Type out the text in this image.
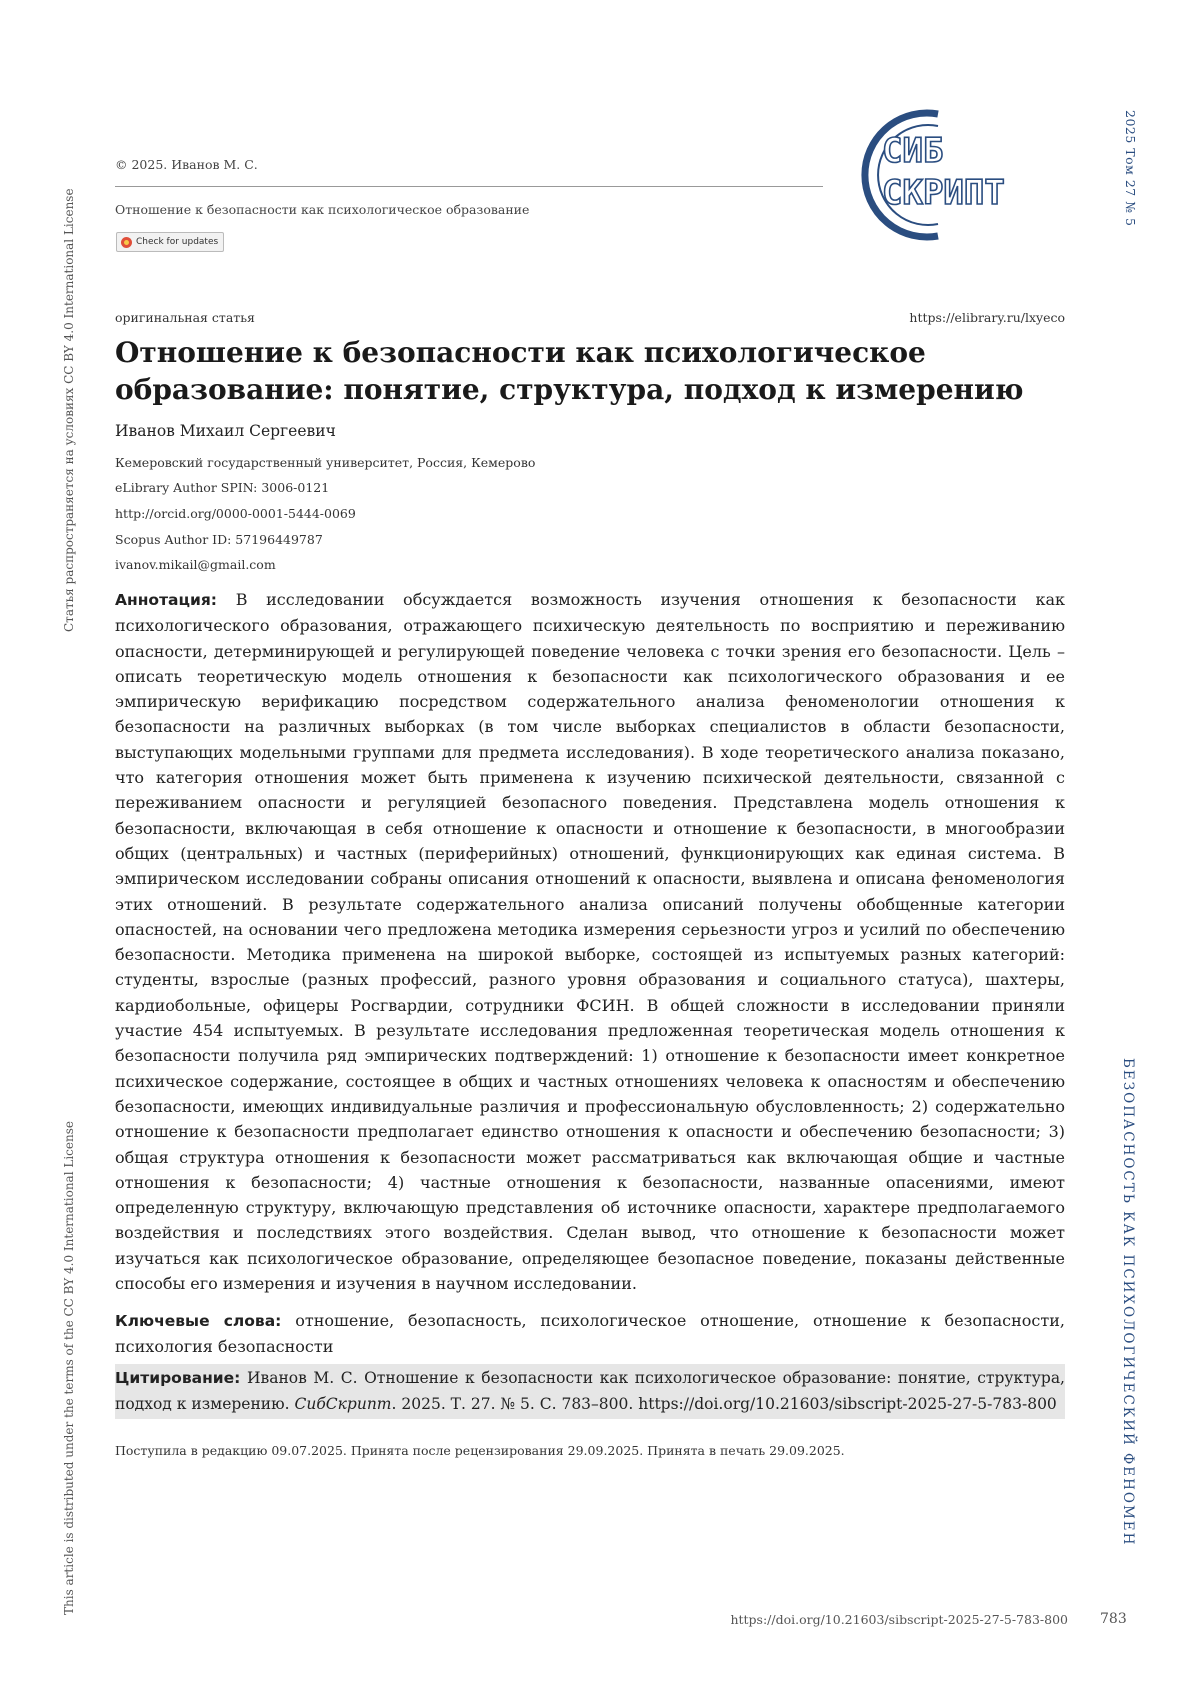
Статья распространяется на условиях CC BY 4.0 International License
This article is distributed under the terms of the CC BY 4.0 International License
2025 Том 27 № 5
БЕЗОПАСНОСТЬ КАК ПСИХОЛОГИЧЕСКИЙ ФЕНОМЕН
© 2025. Иванов М. С.
Отношение к безопасности как психологическое образование
Check for updates
СИБ
СКРИПТ
оригинальная статья	https://elibrary.ru/lxyeco
Отношение к безопасности как психологическое образование: понятие, структура, подход к измерению
Иванов Михаил Сергеевич
Кемеровский государственный университет, Россия, Кемерово
eLibrary Author SPIN: 3006-0121
http://orcid.org/0000-0001-5444-0069
Scopus Author ID: 57196449787
ivanov.mikail@gmail.com
Аннотация: В исследовании обсуждается возможность изучения отношения к безопасности как психологического образования, отражающего психическую деятельность по восприятию и переживанию опасности, детерминирующей и регулирующей поведение человека с точки зрения его безопасности. Цель – описать теоретическую модель отношения к безопасности как психологического образования и ее эмпирическую верификацию посредством содержательного анализа феноменологии отношения к безопасности на различных выборках (в том числе выборках специалистов в области безопасности, выступающих модельными группами для предмета исследования). В ходе теоретического анализа показано, что категория отношения может быть применена к изучению психической деятельности, связанной с переживанием опасности и регуляцией безопасного поведения. Представлена модель отношения к безопасности, включающая в себя отношение к опасности и отношение к безопасности, в многообразии общих (центральных) и частных (периферийных) отношений, функционирующих как единая система. В эмпирическом исследовании собраны описания отношений к опасности, выявлена и описана феноменология этих отношений. В результате содержательного анализа описаний получены обобщенные категории опасностей, на основании чего предложена методика измерения серьезности угроз и усилий по обеспечению безопасности. Методика применена на широкой выборке, состоящей из испытуемых разных категорий: студенты, взрослые (разных профессий, разного уровня образования и социального статуса), шахтеры, кардиобольные, офицеры Росгвардии, сотрудники ФСИН. В общей сложности в исследовании приняли участие 454 испытуемых. В результате исследования предложенная теоретическая модель отношения к безопасности получила ряд эмпирических подтверждений: 1) отношение к безопасности имеет конкретное психическое содержание, состоящее в общих и частных отношениях человека к опасностям и обеспечению безопасности, имеющих индивидуальные различия и профессиональную обусловленность; 2) содержательно отношение к безопасности предполагает единство отношения к опасности и обеспечению безопасности; 3) общая структура отношения к безопасности может рассматриваться как включающая общие и частные отношения к безопасности; 4) частные отношения к безопасности, названные опасениями, имеют определенную структуру, включающую представления об источнике опасности, характере предполагаемого воздействия и последствиях этого воздействия. Сделан вывод, что отношение к безопасности может изучаться как психологическое образование, определяющее безопасное поведение, показаны действенные способы его измерения и изучения в научном исследовании.
Ключевые слова: отношение, безопасность, психологическое отношение, отношение к безопасности, психология безопасности
Цитирование: Иванов М. С. Отношение к безопасности как психологическое образование: понятие, структура, подход к измерению. СибСкрипт. 2025. Т. 27. № 5. С. 783–800. https://doi.org/10.21603/sibscript-2025-27-5-783-800
Поступила в редакцию 09.07.2025. Принята после рецензирования 29.09.2025. Принята в печать 29.09.2025.
https://doi.org/10.21603/sibscript-2025-27-5-783-800 783
